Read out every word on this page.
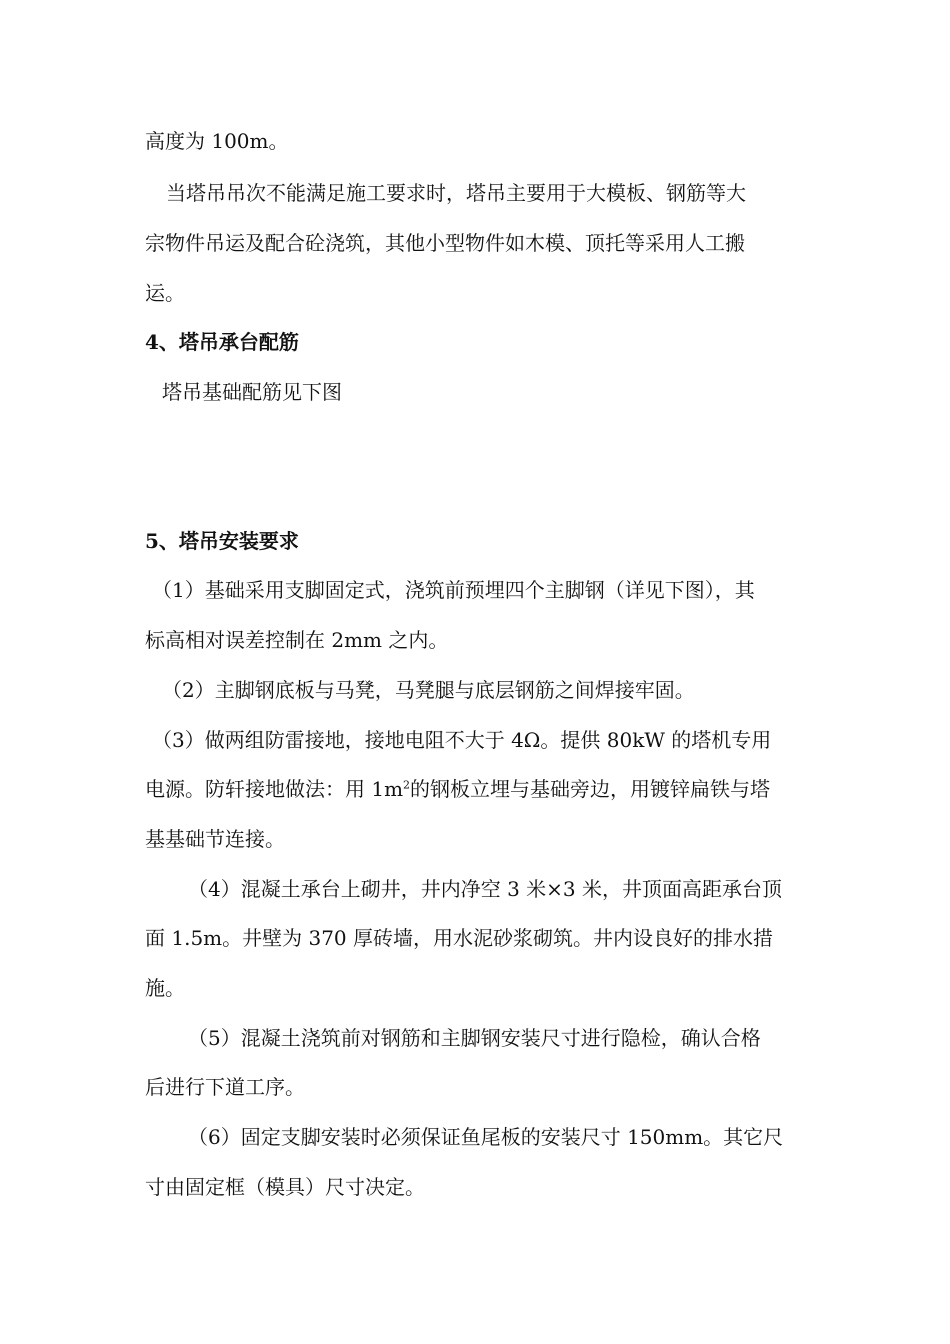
高度为 100m。
当塔吊吊次不能满足施工要求时，塔吊主要用于大模板、钢筋等大
宗物件吊运及配合砼浇筑，其他小型物件如木模、顶托等采用人工搬
运。
4、塔吊承台配筋
塔吊基础配筋见下图
5、塔吊安装要求
（1）基础采用支脚固定式，浇筑前预埋四个主脚钢（详见下图），其
标高相对误差控制在 2mm 之内。
（2）主脚钢底板与马凳，马凳腿与底层钢筋之间焊接牢固。
（3）做两组防雷接地，接地电阻不大于 4Ω。提供 80kW 的塔机专用
电源。防轩接地做法：用 $1m^2$的钢板立埋与基础旁边，用镀锌扁铁与塔
基基础节连接。
（4）混凝土承台上砌井，井内净空 3 米×3 米，井顶面高距承台顶
面 1.5m。井壁为 370 厚砖墙，用水泥砂浆砌筑。井内设良好的排水措
施。
（5）混凝土浇筑前对钢筋和主脚钢安装尺寸进行隐检，确认合格
后进行下道工序。
（6）固定支脚安装时必须保证鱼尾板的安装尺寸 150mm。其它尺
寸由固定框（模具）尺寸决定。
